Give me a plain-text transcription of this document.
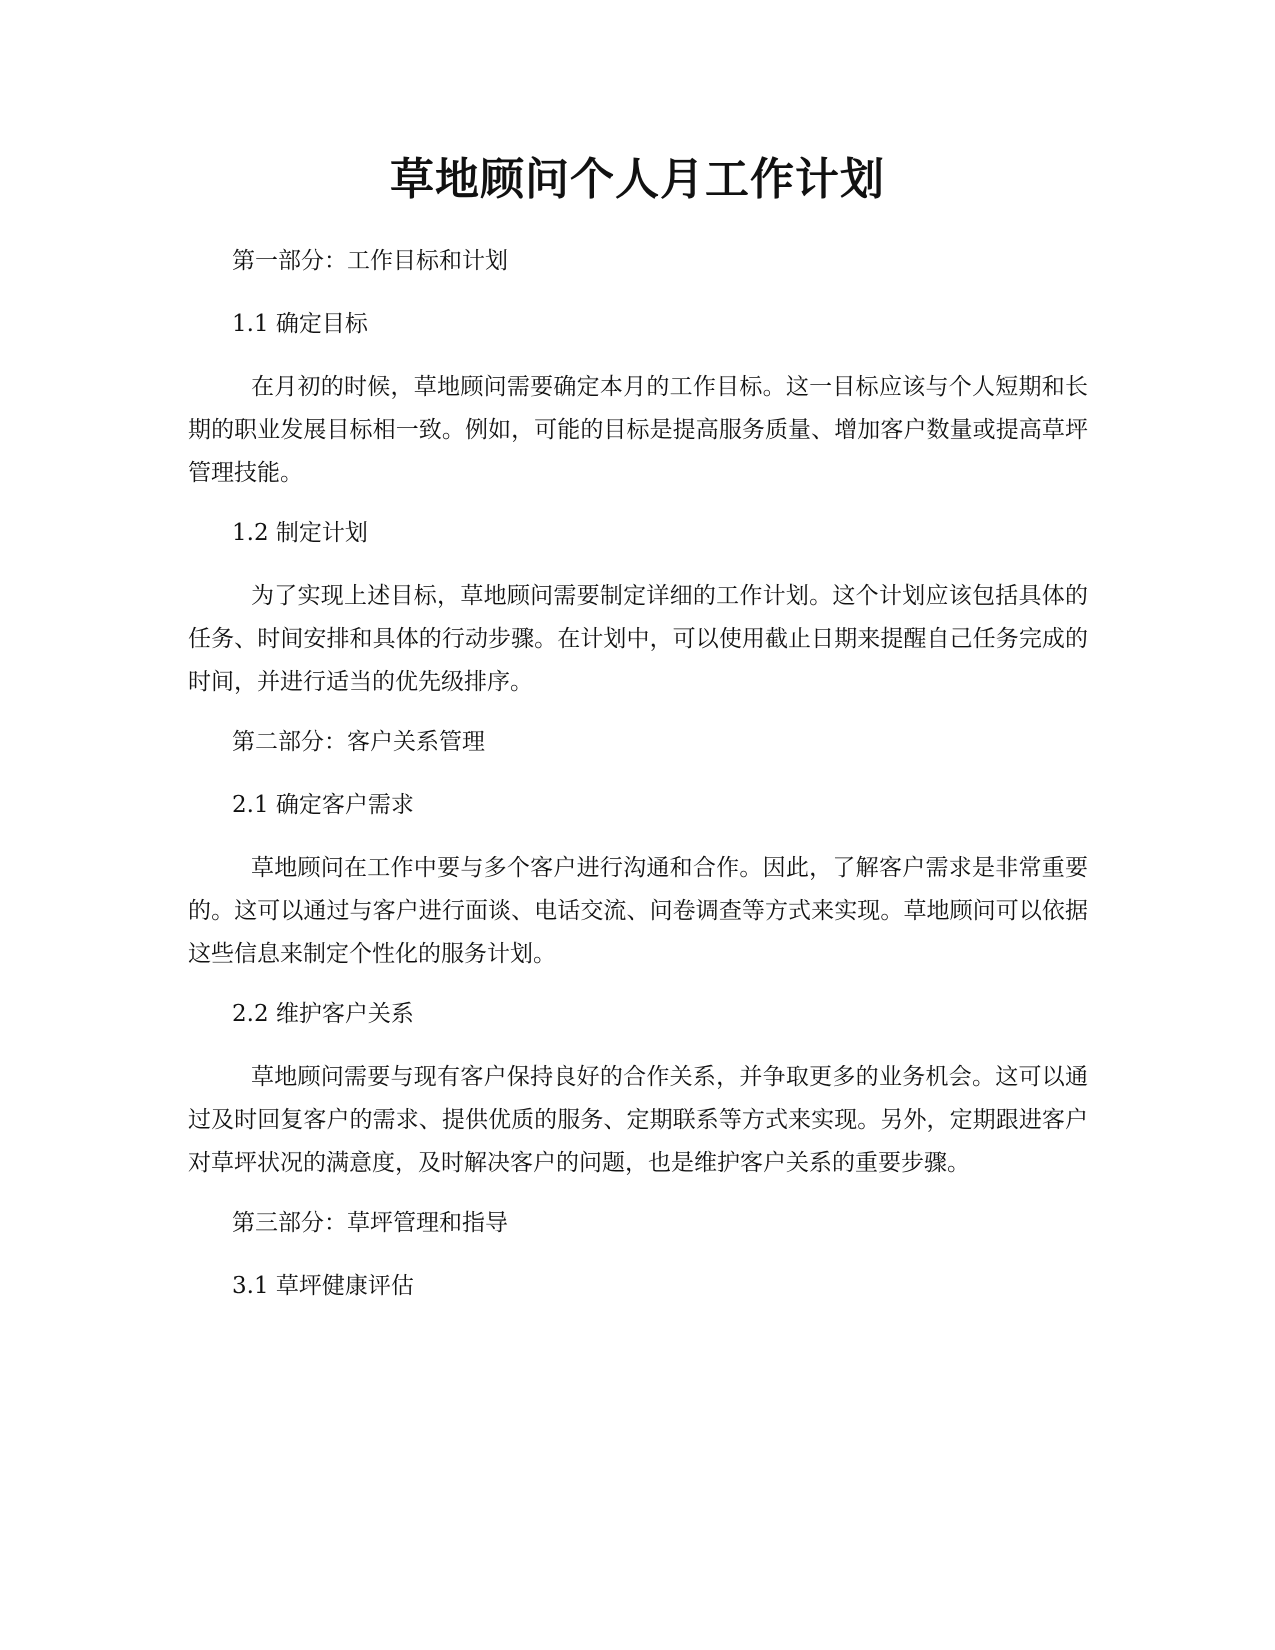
草地顾问个人月工作计划

第一部分：工作目标和计划

1.1 确定目标

在月初的时候，草地顾问需要确定本月的工作目标。这一目标应该与个人短期和长期的职业发展目标相一致。例如，可能的目标是提高服务质量、增加客户数量或提高草坪管理技能。

1.2 制定计划

为了实现上述目标，草地顾问需要制定详细的工作计划。这个计划应该包括具体的任务、时间安排和具体的行动步骤。在计划中，可以使用截止日期来提醒自己任务完成的时间，并进行适当的优先级排序。

第二部分：客户关系管理

2.1 确定客户需求

草地顾问在工作中要与多个客户进行沟通和合作。因此，了解客户需求是非常重要的。这可以通过与客户进行面谈、电话交流、问卷调查等方式来实现。草地顾问可以依据这些信息来制定个性化的服务计划。

2.2 维护客户关系

草地顾问需要与现有客户保持良好的合作关系，并争取更多的业务机会。这可以通过及时回复客户的需求、提供优质的服务、定期联系等方式来实现。另外，定期跟进客户对草坪状况的满意度，及时解决客户的问题，也是维护客户关系的重要步骤。

第三部分：草坪管理和指导

3.1 草坪健康评估
